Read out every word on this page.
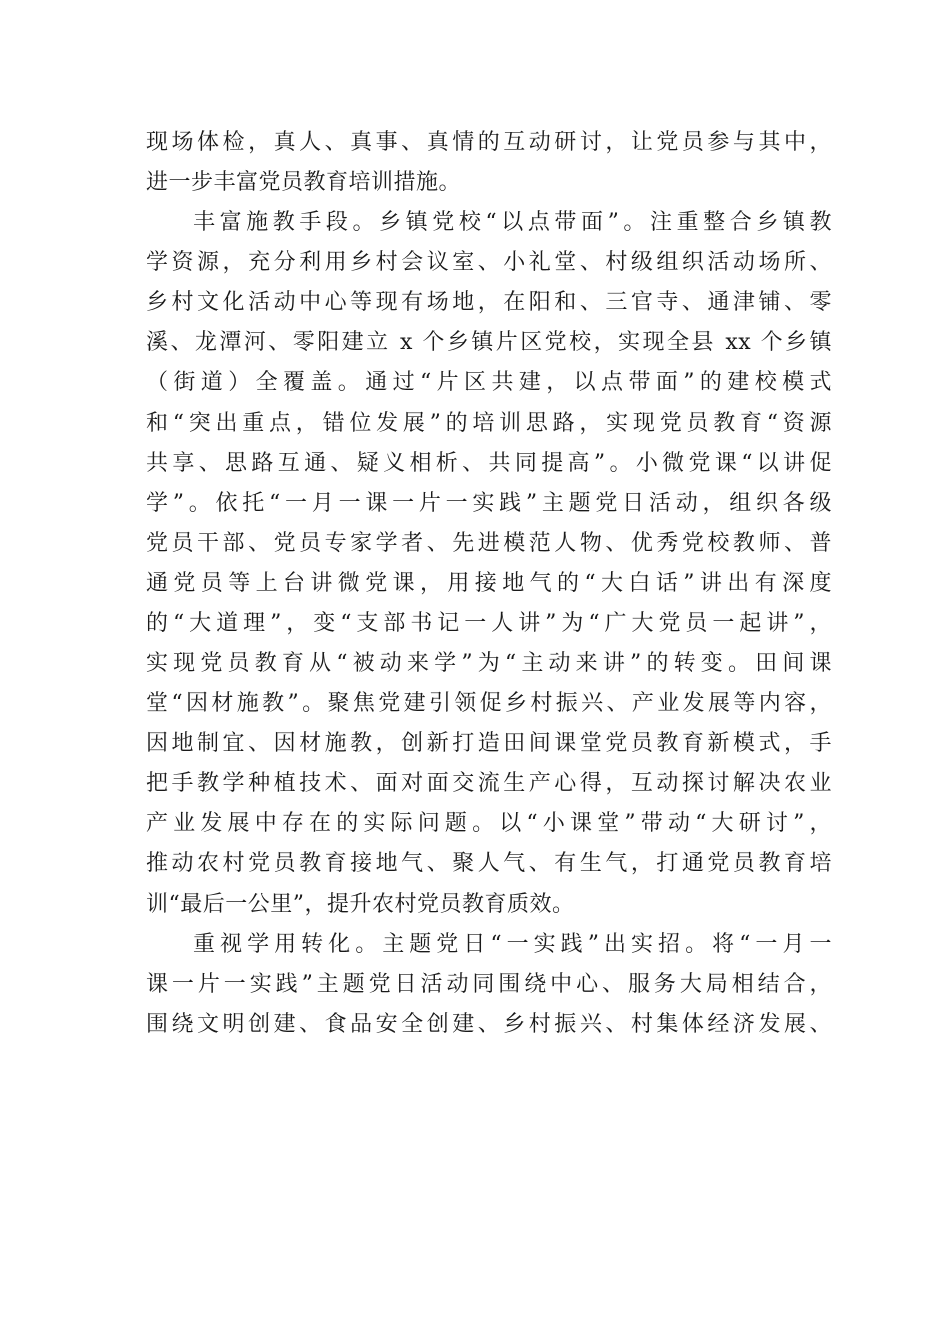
现场体检，真人、真事、真情的互动研讨，让党员参与其中，
进一步丰富党员教育培训措施。
丰富施教手段。乡镇党校“以点带面”。注重整合乡镇教
学资源，充分利用乡村会议室、小礼堂、村级组织活动场所、
乡村文化活动中心等现有场地，在阳和、三官寺、通津铺、零
溪、龙潭河、零阳建立 x 个乡镇片区党校，实现全县 xx 个乡镇
（街道）全覆盖。通过“片区共建，以点带面”的建校模式
和“突出重点，错位发展”的培训思路，实现党员教育“资源
共享、思路互通、疑义相析、共同提高”。小微党课“以讲促
学”。依托“一月一课一片一实践”主题党日活动，组织各级
党员干部、党员专家学者、先进模范人物、优秀党校教师、普
通党员等上台讲微党课，用接地气的“大白话”讲出有深度
的“大道理”，变“支部书记一人讲”为“广大党员一起讲”，
实现党员教育从“被动来学”为“主动来讲”的转变。田间课
堂“因材施教”。聚焦党建引领促乡村振兴、产业发展等内容，
因地制宜、因材施教，创新打造田间课堂党员教育新模式，手
把手教学种植技术、面对面交流生产心得，互动探讨解决农业
产业发展中存在的实际问题。以“小课堂”带动“大研讨”，
推动农村党员教育接地气、聚人气、有生气，打通党员教育培
训“最后一公里”，提升农村党员教育质效。
重视学用转化。主题党日“一实践”出实招。将“一月一
课一片一实践”主题党日活动同围绕中心、服务大局相结合，
围绕文明创建、食品安全创建、乡村振兴、村集体经济发展、
